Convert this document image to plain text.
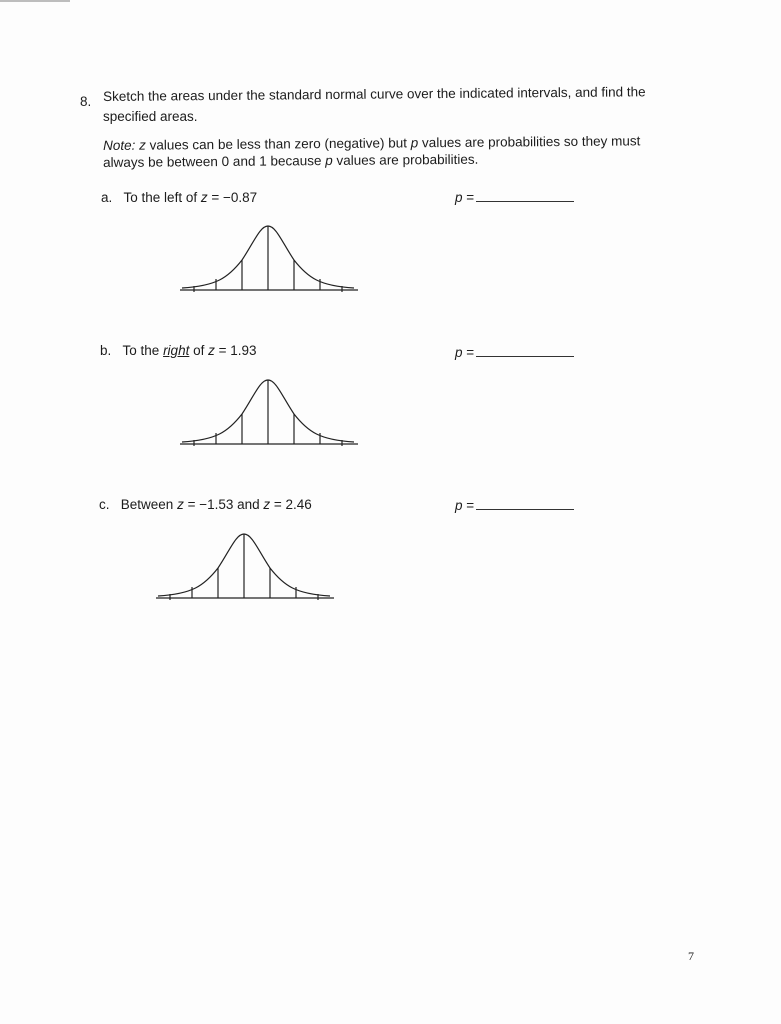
8. Sketch the areas under the standard normal curve over the indicated intervals, and find the
specified areas.
Note: z values can be less than zero (negative) but p values are probabilities so they must
always be between 0 and 1 because p values are probabilities.
a. To the left of z = −0.87	p =
b. To the right of z = 1.93	p =
c. Between z = −1.53 and z = 2.46	p =
7
